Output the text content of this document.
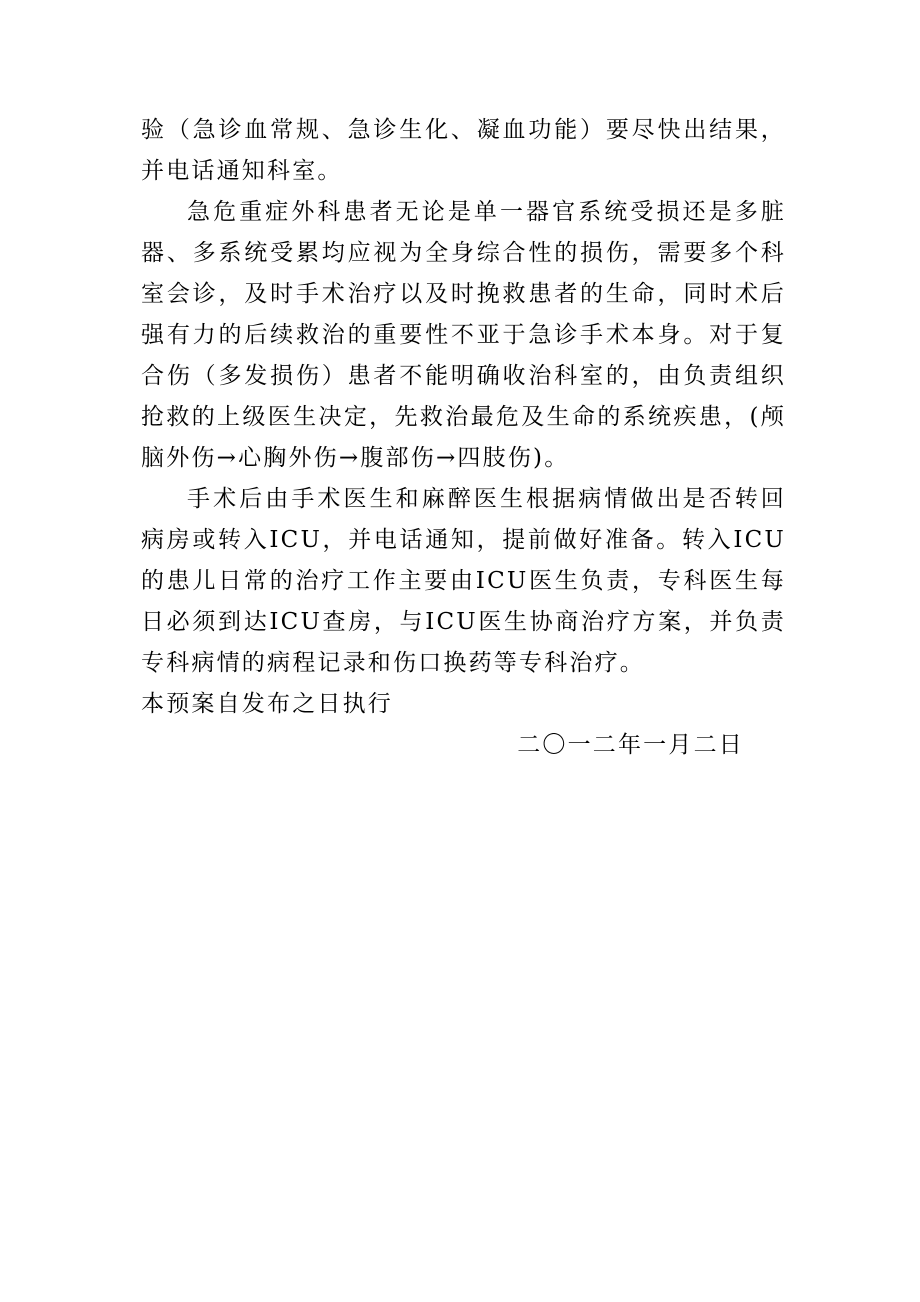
验（急诊血常规、急诊生化、凝血功能）要尽快出结果，并电话通知科室。

急危重症外科患者无论是单一器官系统受损还是多脏器、多系统受累均应视为全身综合性的损伤，需要多个科室会诊，及时手术治疗以及时挽救患者的生命，同时术后强有力的后续救治的重要性不亚于急诊手术本身。对于复合伤（多发损伤）患者不能明确收治科室的，由负责组织抢救的上级医生决定，先救治最危及生命的系统疾患，(颅脑外伤→心胸外伤→腹部伤→四肢伤)。

手术后由手术医生和麻醉医生根据病情做出是否转回病房或转入ICU，并电话通知，提前做好准备。转入ICU的患儿日常的治疗工作主要由ICU医生负责，专科医生每日必须到达ICU查房，与ICU医生协商治疗方案，并负责专科病情的病程记录和伤口换药等专科治疗。

本预案自发布之日执行

二〇一二年一月二日
